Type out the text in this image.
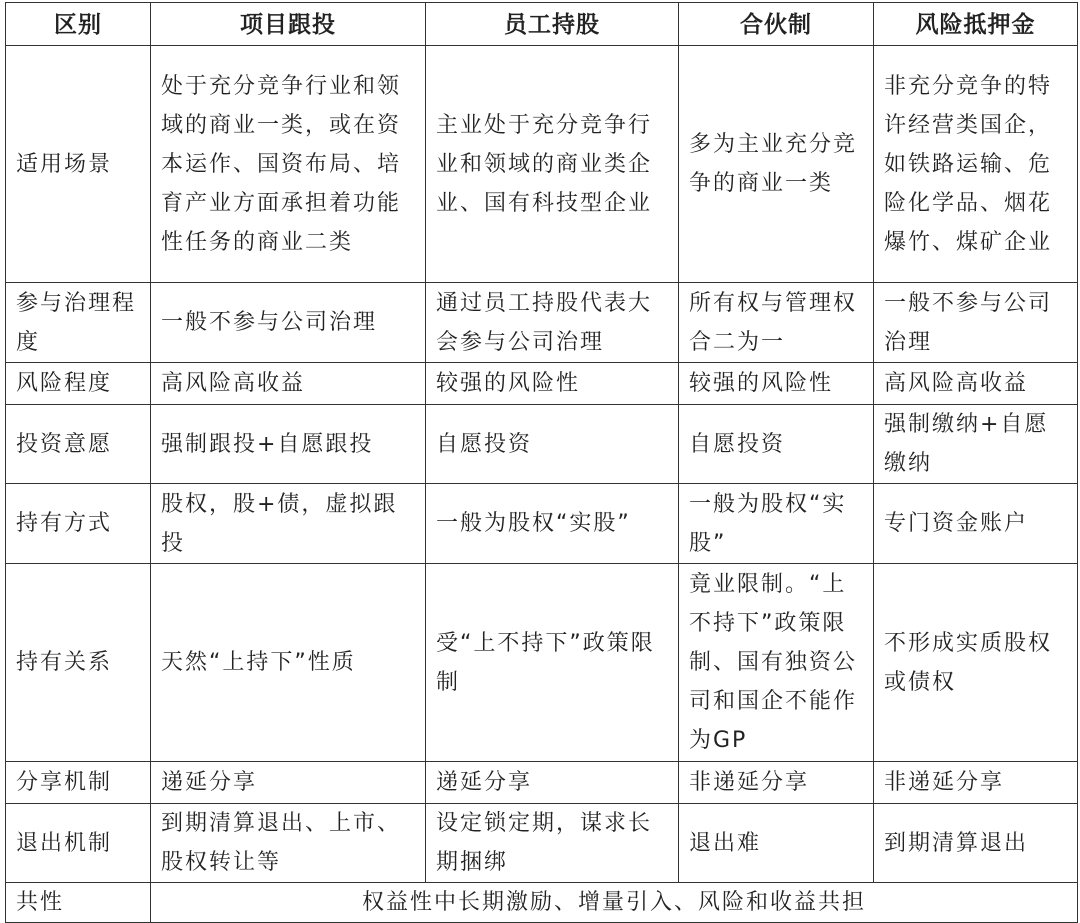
区别	项目跟投	员工持股	合伙制	风险抵押金
适用场景	处于充分竞争行业和领域的商业一类，或在资本运作、国资布局、培育产业方面承担着功能性任务的商业二类	主业处于充分竞争行业和领域的商业类企业、国有科技型企业	多为主业充分竞争的商业一类	非充分竞争的特许经营类国企，如铁路运输、危险化学品、烟花爆竹、煤矿企业
参与治理程度	一般不参与公司治理	通过员工持股代表大会参与公司治理	所有权与管理权合二为一	一般不参与公司治理
风险程度	高风险高收益	较强的风险性	较强的风险性	高风险高收益
投资意愿	强制跟投+自愿跟投	自愿投资	自愿投资	强制缴纳+自愿缴纳
持有方式	股权，股+债，虚拟跟投	一般为股权“实股”	一般为股权“实股”	专门资金账户
持有关系	天然“上持下”性质	受“上不持下”政策限制	竟业限制。“上不持下”政策限制、国有独资公司和国企不能作为GP	不形成实质股权或债权
分享机制	递延分享	递延分享	非递延分享	非递延分享
退出机制	到期清算退出、上市、股权转让等	设定锁定期，谋求长期捆绑	退出难	到期清算退出
共性	权益性中长期激励、增量引入、风险和收益共担			
